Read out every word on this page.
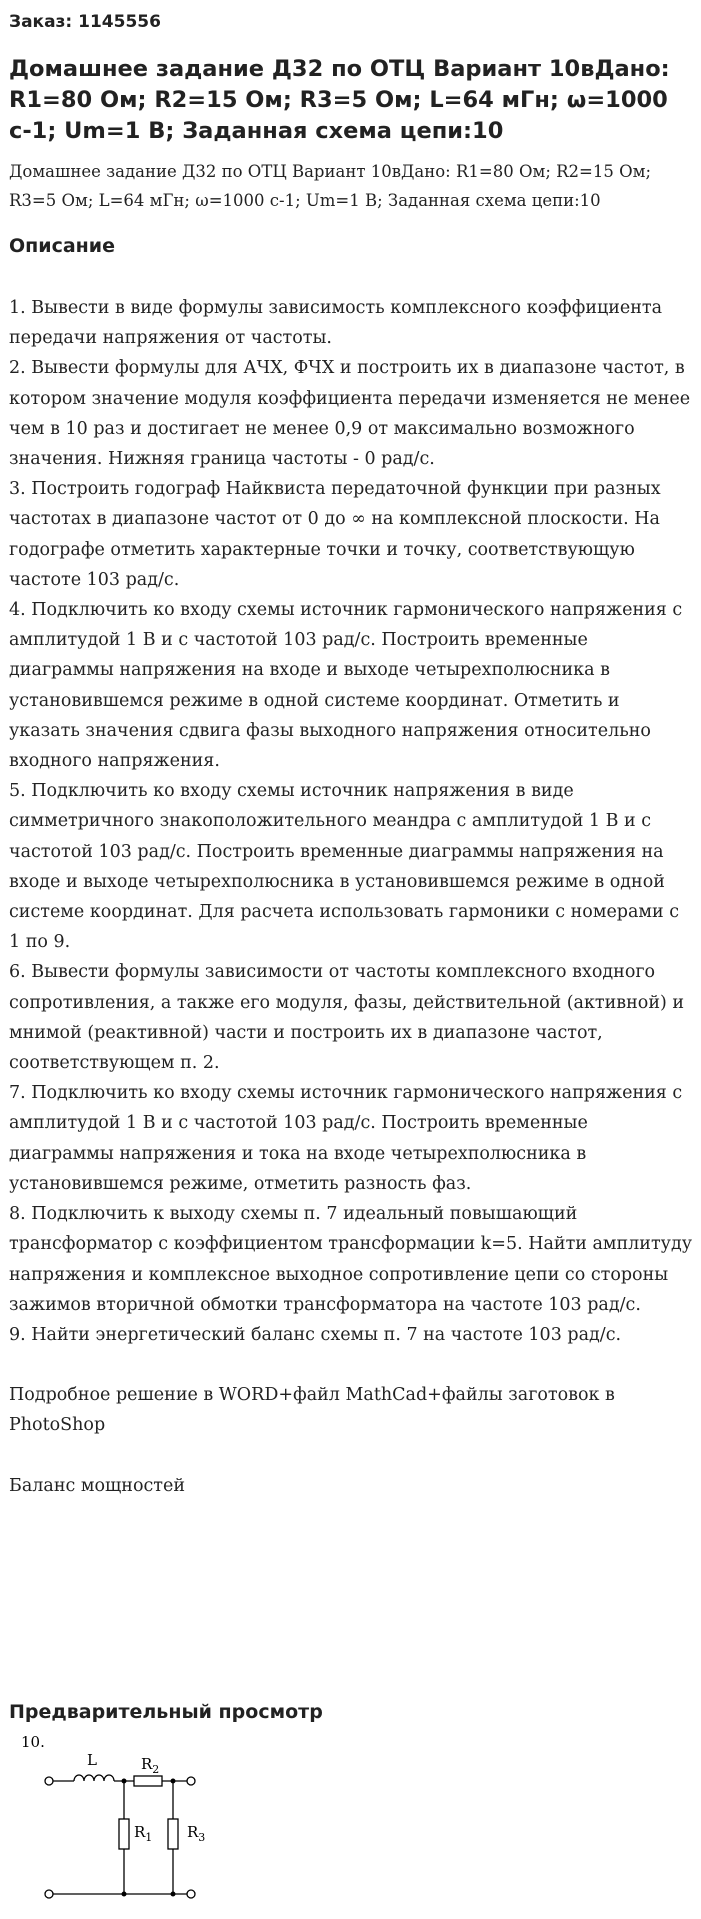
Заказ: 1145556
Домашнее задание Д32 по ОТЦ Вариант 10вДано: R1=80 Ом; R2=15 Ом; R3=5 Ом; L=64 мГн; ω=1000 с-1; Um=1 В; Заданная схема цепи:10
Домашнее задание Д32 по ОТЦ Вариант 10вДано: R1=80 Ом; R2=15 Ом; R3=5 Ом; L=64 мГн; ω=1000 с-1; Um=1 В; Заданная схема цепи:10
Описание

1. Вывести в виде формулы зависимость комплексного коэффициента передачи напряжения от частоты.

2. Вывести формулы для АЧХ, ФЧХ и построить их в диапазоне частот, в котором значение модуля коэффициента передачи изменяется не менее чем в 10 раз и достигает не менее 0,9 от максимально возможного значения. Нижняя граница частоты - 0 рад/с.

3. Построить годограф Найквиста передаточной функции при разных частотах в диапазоне частот от 0 до ∞ на комплексной плоскости. На годографе отметить характерные точки и точку, соответствующую частоте 103 рад/с.

4. Подключить ко входу схемы источник гармонического напряжения с амплитудой 1 В и с частотой 103 рад/с. Построить временные диаграммы напряжения на входе и выходе четырехполюсника в установившемся режиме в одной системе координат. Отметить и указать значения сдвига фазы выходного напряжения относительно входного напряжения.

5. Подключить ко входу схемы источник напряжения в виде симметричного знакоположительного меандра с амплитудой 1 В и с частотой 103 рад/с. Построить временные диаграммы напряжения на входе и выходе четырехполюсника в установившемся режиме в одной системе координат. Для расчета использовать гармоники с номерами с 1 по 9.

6. Вывести формулы зависимости от частоты комплексного входного сопротивления, а также его модуля, фазы, действительной (активной) и мнимой (реактивной) части и построить их в диапазоне частот, соответствующем п. 2.

7. Подключить ко входу схемы источник гармонического напряжения с амплитудой 1 В и с частотой 103 рад/с. Построить временные диаграммы напряжения и тока на входе четырехполюсника в установившемся режиме, отметить разность фаз.

8. Подключить к выходу схемы п. 7 идеальный повышающий трансформатор с коэффициентом трансформации k=5. Найти амплитуду напряжения и комплексное выходное сопротивление цепи со стороны зажимов вторичной обмотки трансформатора на частоте 103 рад/с.

9. Найти энергетический баланс схемы п. 7 на частоте 103 рад/с.

Подробное решение в WORD+файл MathCad+файлы заготовок в PhotoShop

Баланс мощностей

Предварительный просмотр
10.
L	$R_2$
$R_1$ $R_3$
